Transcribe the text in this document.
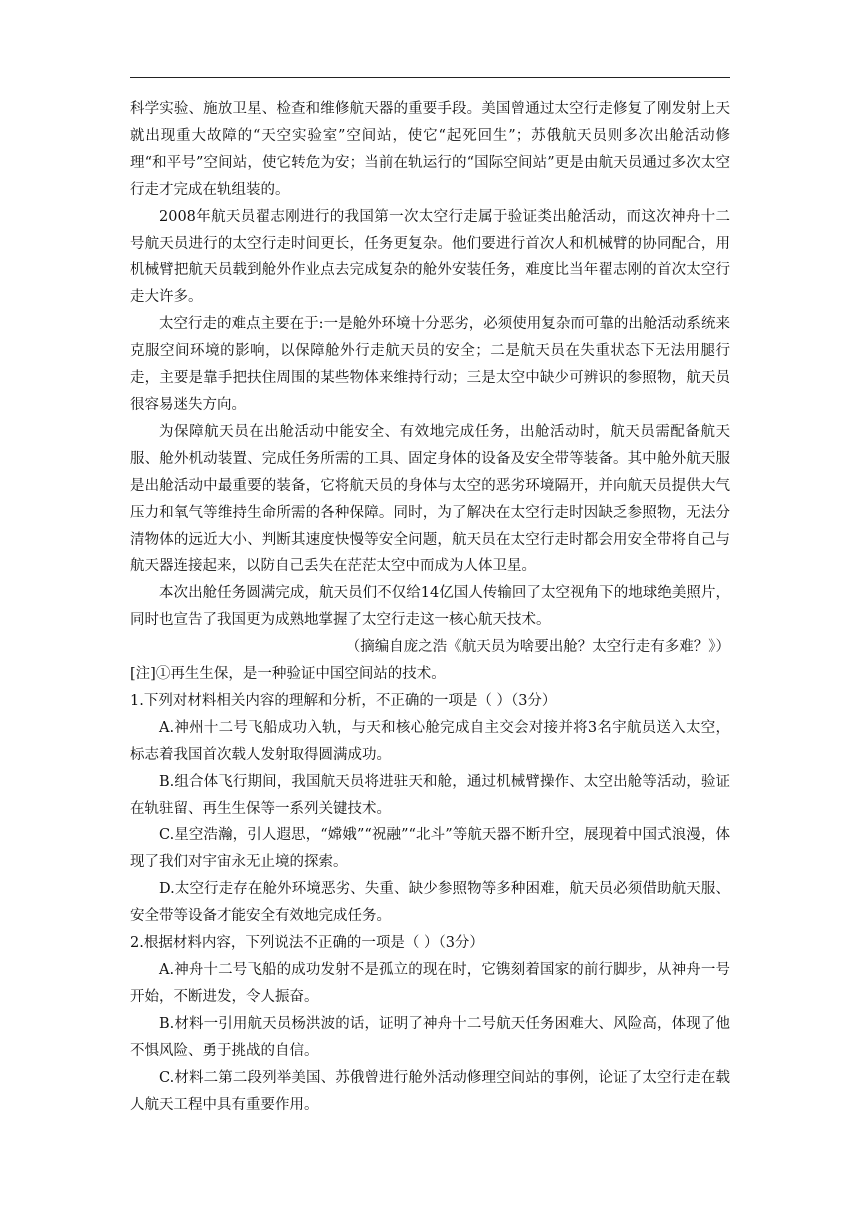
科学实验、施放卫星、检查和维修航天器的重要手段。美国曾通过太空行走修复了刚发射上天就出现重大故障的“天空实验室”空间站，使它“起死回生”；苏俄航天员则多次出舱活动修理“和平号”空间站，使它转危为安；当前在轨运行的“国际空间站”更是由航天员通过多次太空行走才完成在轨组装的。

2008年航天员翟志刚进行的我国第一次太空行走属于验证类出舱活动，而这次神舟十二号航天员进行的太空行走时间更长，任务更复杂。他们要进行首次人和机械臂的协同配合，用机械臂把航天员载到舱外作业点去完成复杂的舱外安装任务，难度比当年翟志刚的首次太空行走大许多。

太空行走的难点主要在于:一是舱外环境十分恶劣，必须使用复杂而可靠的出舱活动系统来克服空间环境的影响，以保障舱外行走航天员的安全；二是航天员在失重状态下无法用腿行走，主要是靠手把扶住周围的某些物体来维持行动；三是太空中缺少可辨识的参照物，航天员很容易迷失方向。

为保障航天员在出舱活动中能安全、有效地完成任务，出舱活动时，航天员需配备航天服、舱外机动装置、完成任务所需的工具、固定身体的设备及安全带等装备。其中舱外航天服是出舱活动中最重要的装备，它将航天员的身体与太空的恶劣环境隔开，并向航天员提供大气压力和氧气等维持生命所需的各种保障。同时，为了解决在太空行走时因缺乏参照物，无法分清物体的远近大小、判断其速度快慢等安全问题，航天员在太空行走时都会用安全带将自己与航天器连接起来，以防自己丢失在茫茫太空中而成为人体卫星。

本次出舱任务圆满完成，航天员们不仅给14亿国人传输回了太空视角下的地球绝美照片，同时也宣告了我国更为成熟地掌握了太空行走这一核心航天技术。

（摘编自庞之浩《航天员为啥要出舱？太空行走有多难？》）

[注]①再生生保，是一种验证中国空间站的技术。

1.下列对材料相关内容的理解和分析，不正确的一项是（ ）（3分）

A.神州十二号飞船成功入轨，与天和核心舱完成自主交会对接并将3名宇航员送入太空，标志着我国首次载人发射取得圆满成功。

B.组合体飞行期间，我国航天员将进驻天和舱，通过机械臂操作、太空出舱等活动，验证在轨驻留、再生生保等一系列关键技术。

C.星空浩瀚，引人遐思，“嫦娥”“祝融”“北斗”等航天器不断升空，展现着中国式浪漫，体现了我们对宇宙永无止境的探索。

D.太空行走存在舱外环境恶劣、失重、缺少参照物等多种困难，航天员必须借助航天服、安全带等设备才能安全有效地完成任务。

2.根据材料内容，下列说法不正确的一项是（ ）（3分）

A.神舟十二号飞船的成功发射不是孤立的现在时，它镌刻着国家的前行脚步，从神舟一号开始，不断进发，令人振奋。

B.材料一引用航天员杨洪波的话，证明了神舟十二号航天任务困难大、风险高，体现了他不惧风险、勇于挑战的自信。

C.材料二第二段列举美国、苏俄曾进行舱外活动修理空间站的事例，论证了太空行走在载人航天工程中具有重要作用。
